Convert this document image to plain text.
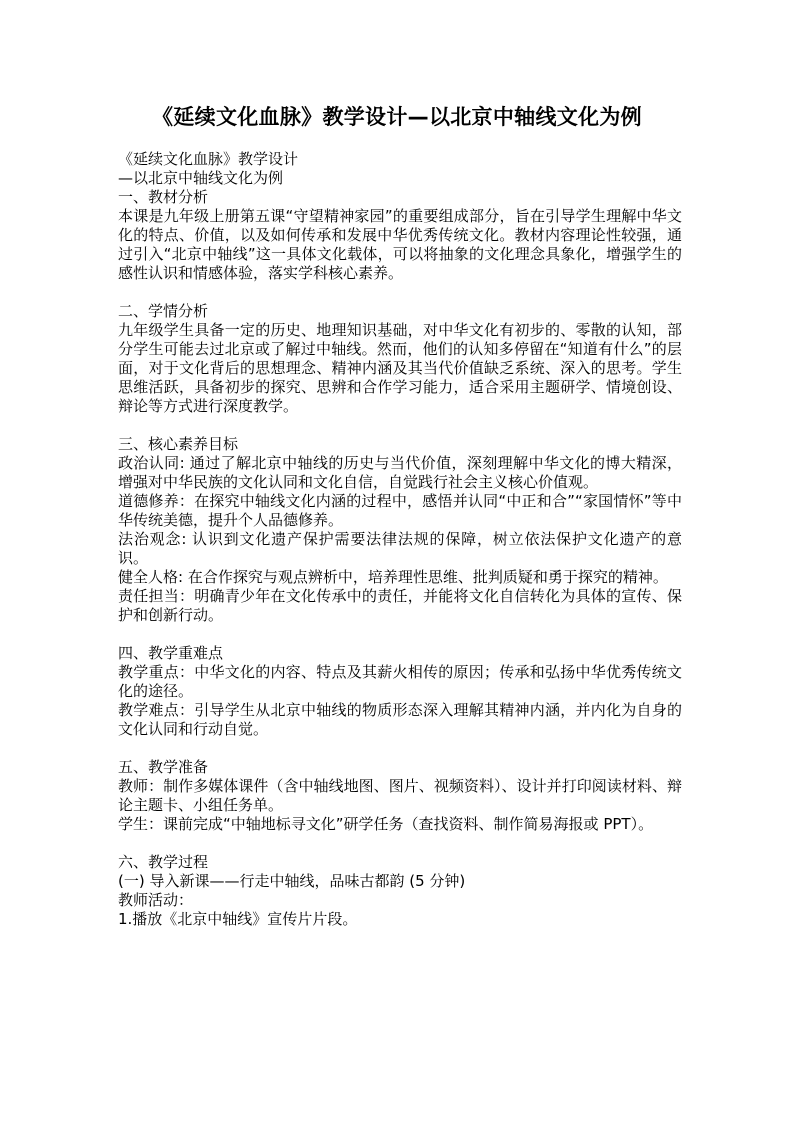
《延续文化血脉》教学设计—以北京中轴线文化为例
《延续文化血脉》教学设计
—以北京中轴线文化为例
一、教材分析

本课是九年级上册第五课“守望精神家园”的重要组成部分，旨在引导学生理解中华文化的特点、价值，以及如何传承和发展中华优秀传统文化。教材内容理论性较强，通过引入“北京中轴线”这一具体文化载体，可以将抽象的文化理念具象化，增强学生的感性认识和情感体验，落实学科核心素养。

二、学情分析

九年级学生具备一定的历史、地理知识基础，对中华文化有初步的、零散的认知，部分学生可能去过北京或了解过中轴线。然而，他们的认知多停留在“知道有什么”的层面，对于文化背后的思想理念、精神内涵及其当代价值缺乏系统、深入的思考。学生思维活跃，具备初步的探究、思辨和合作学习能力，适合采用主题研学、情境创设、辩论等方式进行深度教学。

三、核心素养目标

政治认同: 通过了解北京中轴线的历史与当代价值，深刻理解中华文化的博大精深，增强对中华民族的文化认同和文化自信，自觉践行社会主义核心价值观。

道德修养：在探究中轴线文化内涵的过程中，感悟并认同“中正和合”“家国情怀”等中华传统美德，提升个人品德修养。

法治观念: 认识到文化遗产保护需要法律法规的保障，树立依法保护文化遗产的意识。

健全人格: 在合作探究与观点辨析中，培养理性思维、批判质疑和勇于探究的精神。

责任担当：明确青少年在文化传承中的责任，并能将文化自信转化为具体的宣传、保护和创新行动。

四、教学重难点

教学重点：中华文化的内容、特点及其薪火相传的原因；传承和弘扬中华优秀传统文化的途径。

教学难点：引导学生从北京中轴线的物质形态深入理解其精神内涵，并内化为自身的文化认同和行动自觉。

五、教学准备

教师：制作多媒体课件（含中轴线地图、图片、视频资料）、设计并打印阅读材料、辩论主题卡、小组任务单。

学生：课前完成“中轴地标寻文化”研学任务（查找资料、制作简易海报或 PPT）。

六、教学过程
(一) 导入新课——行走中轴线，品味古都韵 (5 分钟)
教师活动：
1.播放《北京中轴线》宣传片片段。
